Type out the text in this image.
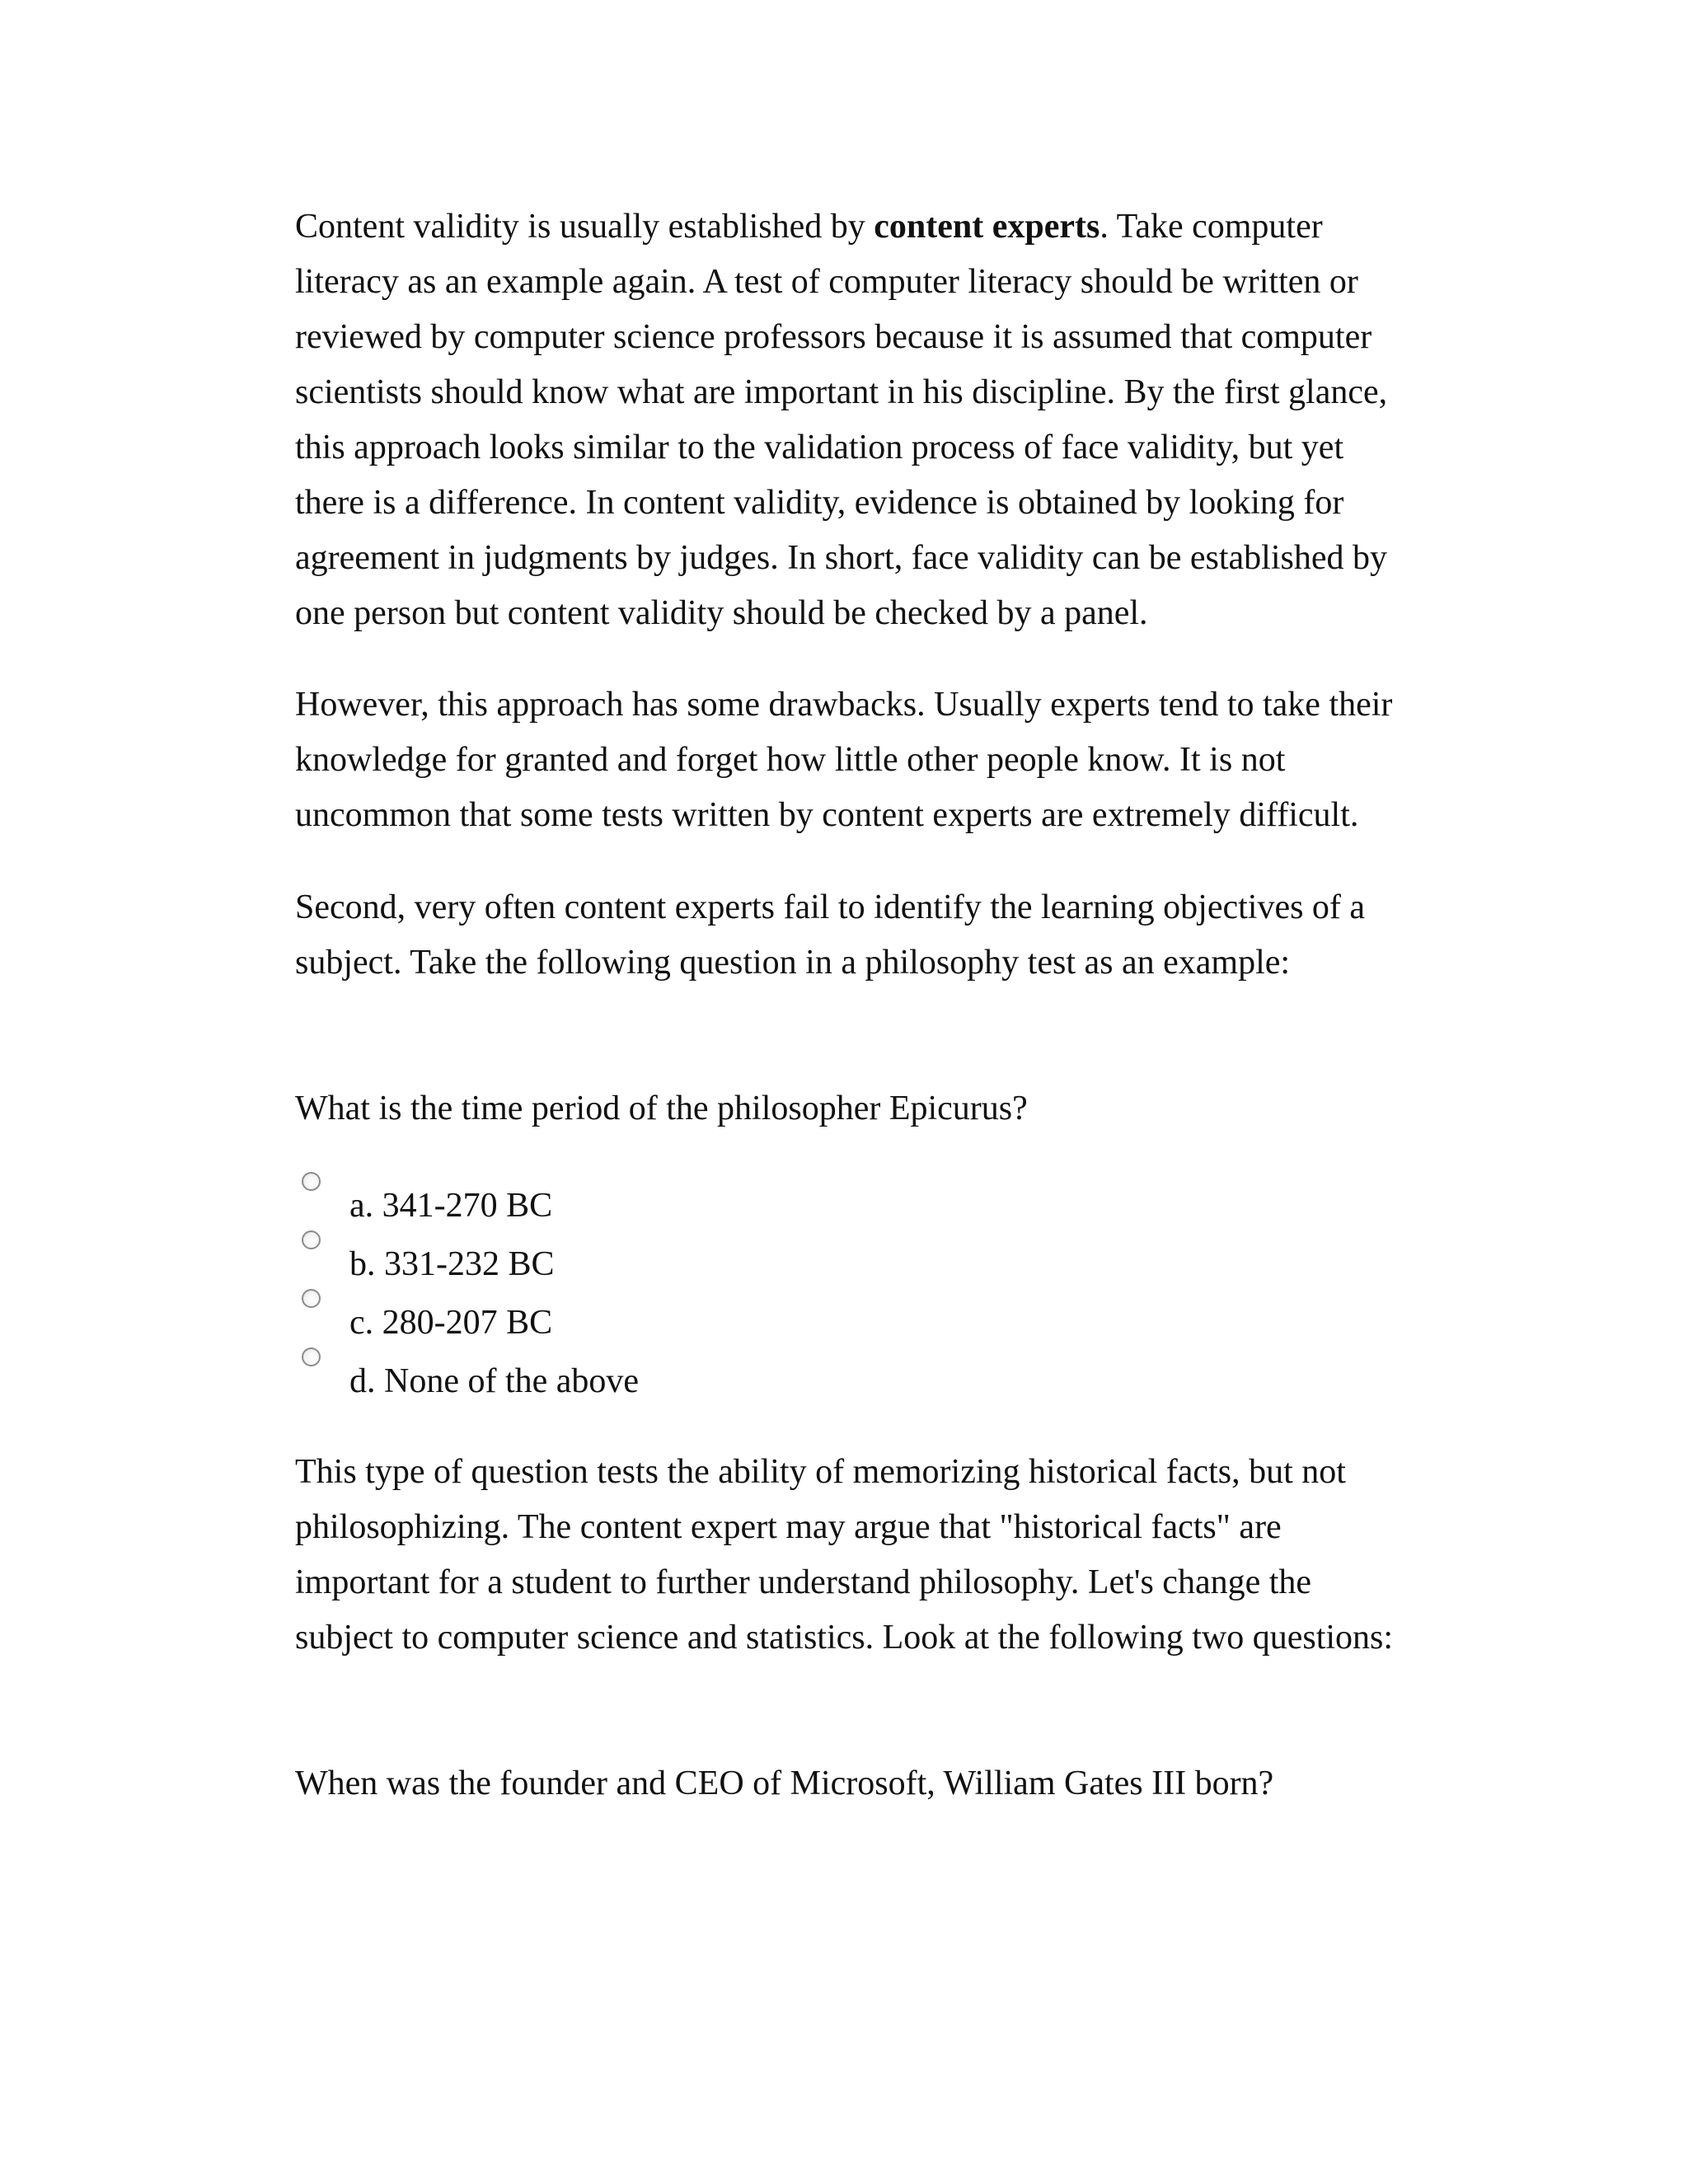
Content validity is usually established by content experts. Take computer
literacy as an example again. A test of computer literacy should be written or
reviewed by computer science professors because it is assumed that computer
scientists should know what are important in his discipline. By the first glance,
this approach looks similar to the validation process of face validity, but yet
there is a difference. In content validity, evidence is obtained by looking for
agreement in judgments by judges. In short, face validity can be established by
one person but content validity should be checked by a panel.

However, this approach has some drawbacks. Usually experts tend to take their
knowledge for granted and forget how little other people know. It is not
uncommon that some tests written by content experts are extremely difficult.

Second, very often content experts fail to identify the learning objectives of a
subject. Take the following question in a philosophy test as an example:

What is the time period of the philosopher Epicurus?

a. 341-270 BC
b. 331-232 BC
c. 280-207 BC
d. None of the above

This type of question tests the ability of memorizing historical facts, but not
philosophizing. The content expert may argue that "historical facts" are
important for a student to further understand philosophy. Let's change the
subject to computer science and statistics. Look at the following two questions:

When was the founder and CEO of Microsoft, William Gates III born?
